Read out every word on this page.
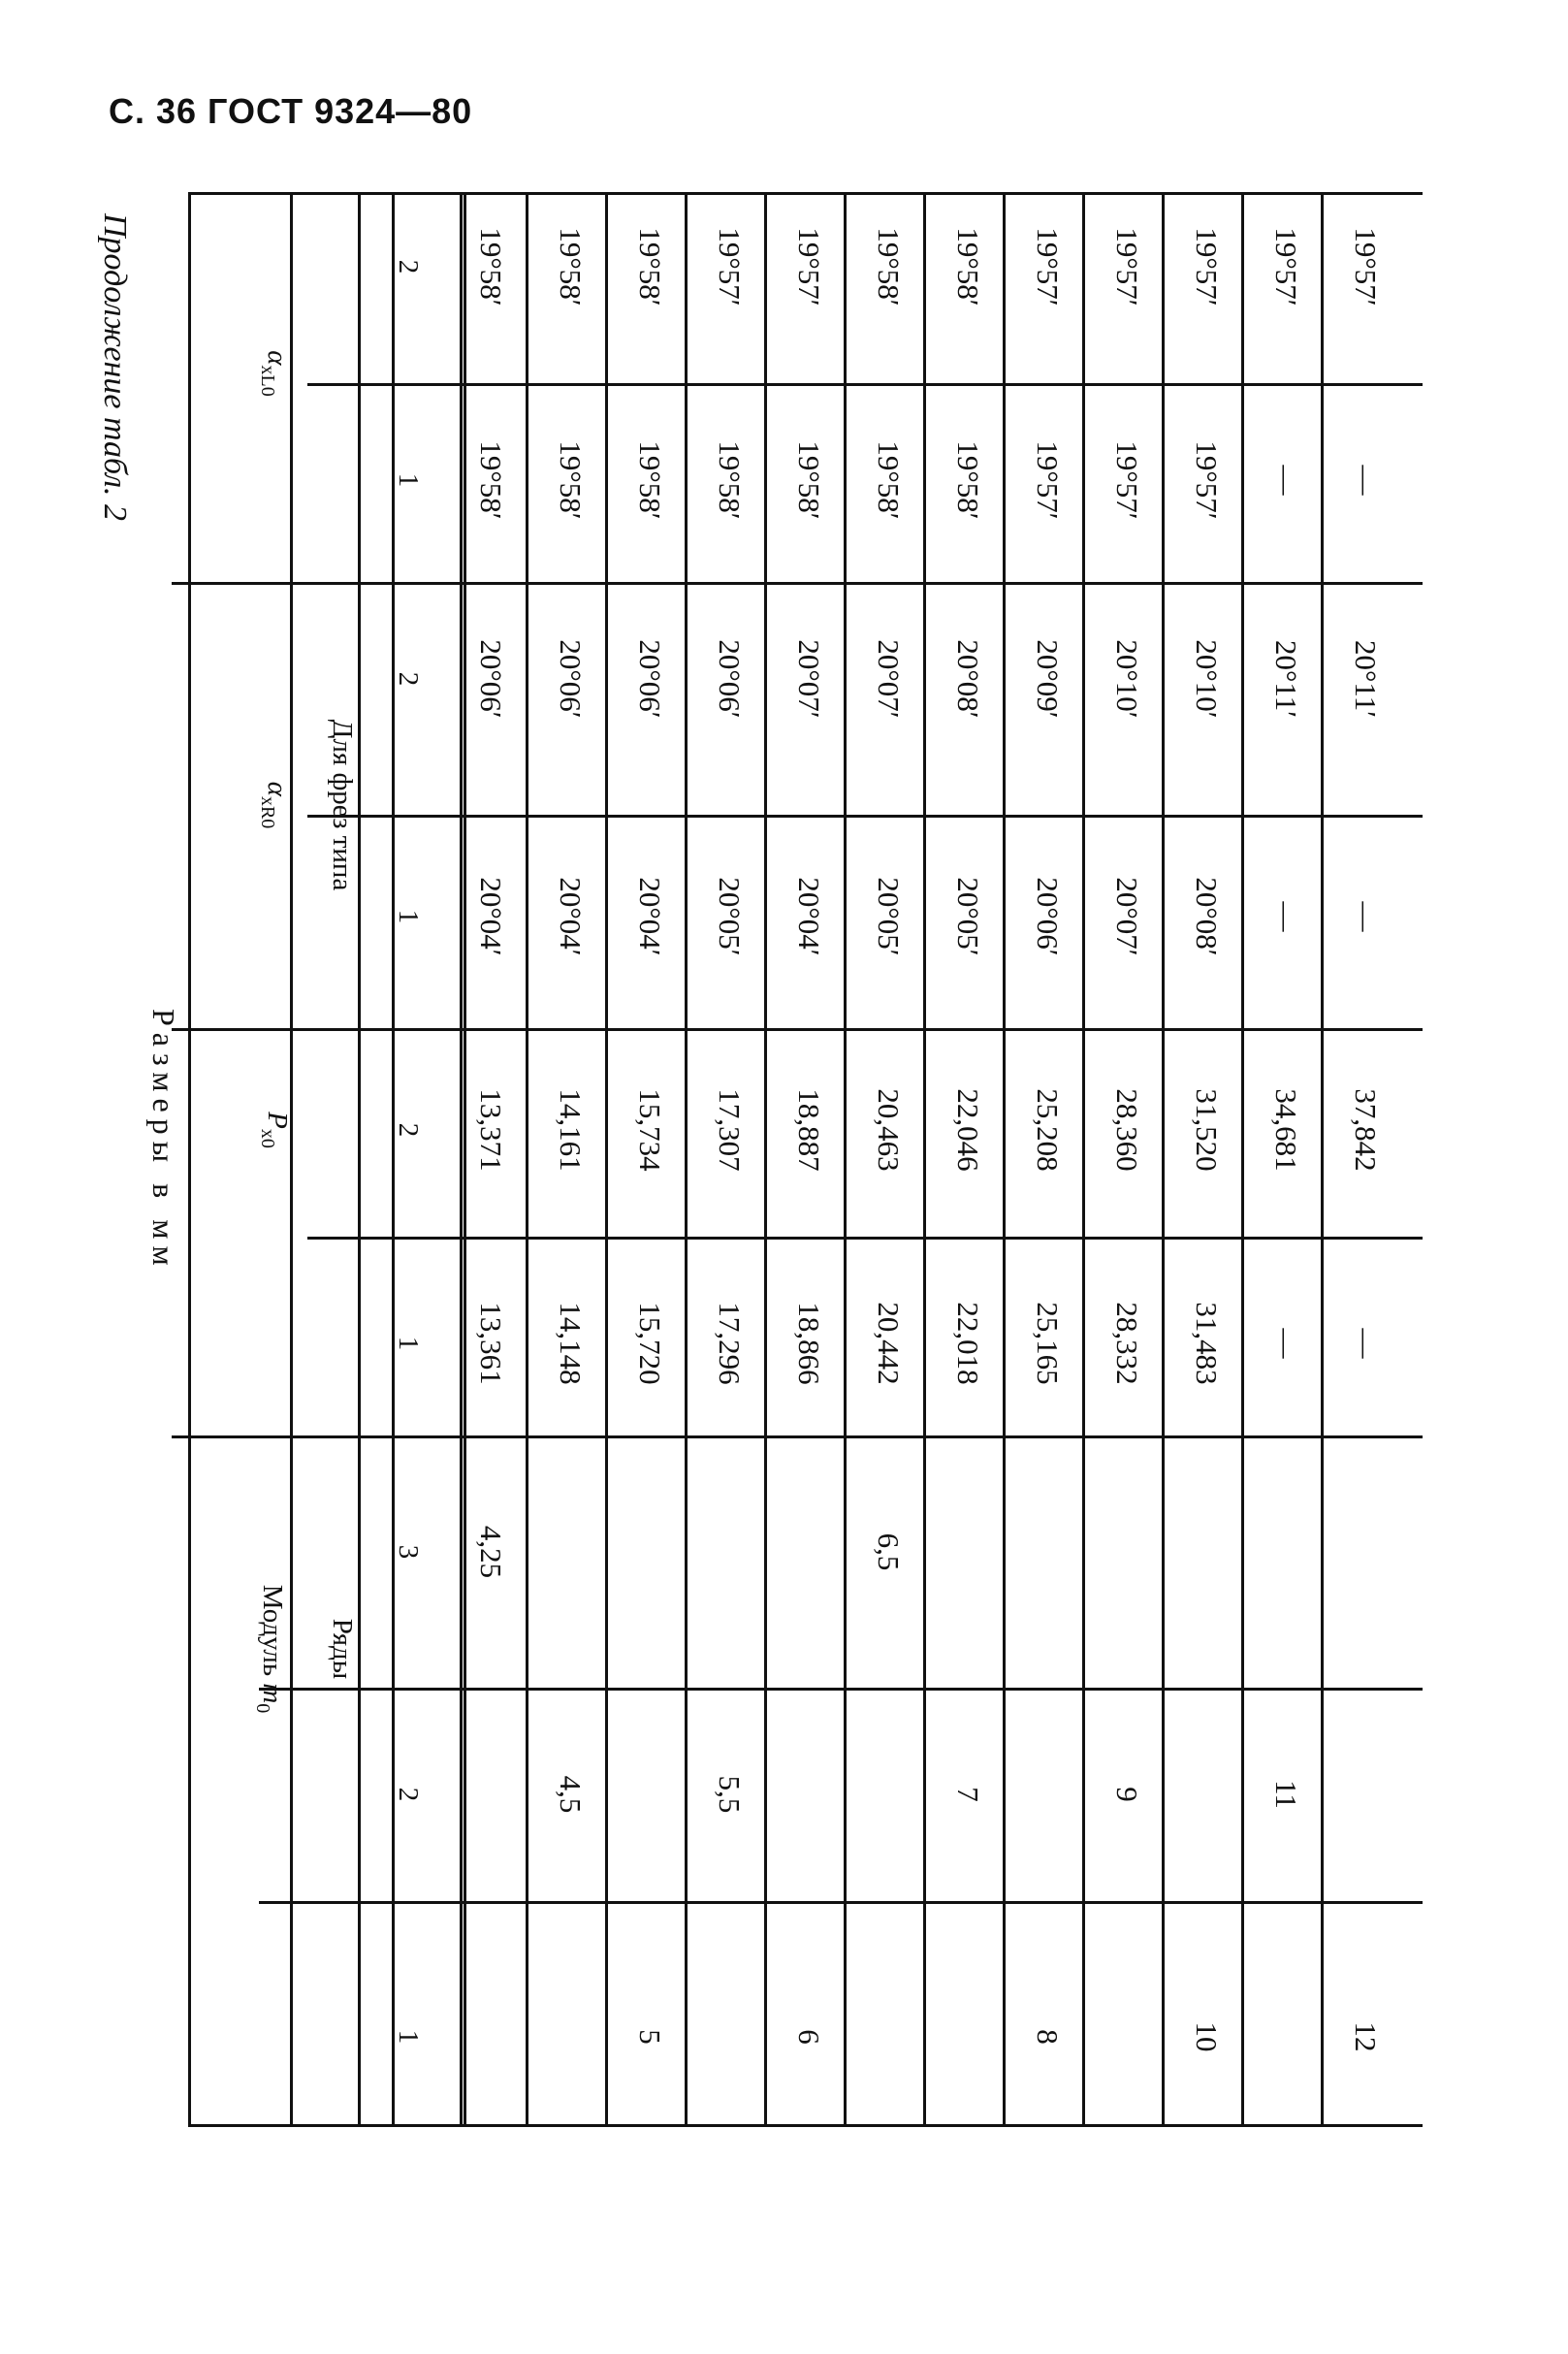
С. 36 ГОСТ 9324—80
Продолжение табл. 2
Размеры в мм
Модуль $m_0$
Ряды
1
2
3
$P_{x0}$
$\alpha_{xR0}$
$\alpha_{xL0}$
Для фрез типа
1
2
1
2
1
2
4,25
13,361
13,371
20°04′
20°06′
19°58′
19°58′
4,5
14,148
14,161
20°04′
20°06′
19°58′
19°58′
5
15,720
15,734
20°04′
20°06′
19°58′
19°58′
5,5
17,296
17,307
20°05′
20°06′
19°58′
19°57′
6
18,866
18,887
20°04′
20°07′
19°58′
19°57′
6,5
20,442
20,463
20°05′
20°07′
19°58′
19°58′
7
22,018
22,046
20°05′
20°08′
19°58′
19°58′
8
25,165
25,208
20°06′
20°09′
19°57′
19°57′
9
28,332
28,360
20°07′
20°10′
19°57′
19°57′
10
31,483
31,520
20°08′
20°10′
19°57′
19°57′
11
—
34,681
—
20°11′
—
19°57′
12
—
37,842
—
20°11′
—
19°57′
